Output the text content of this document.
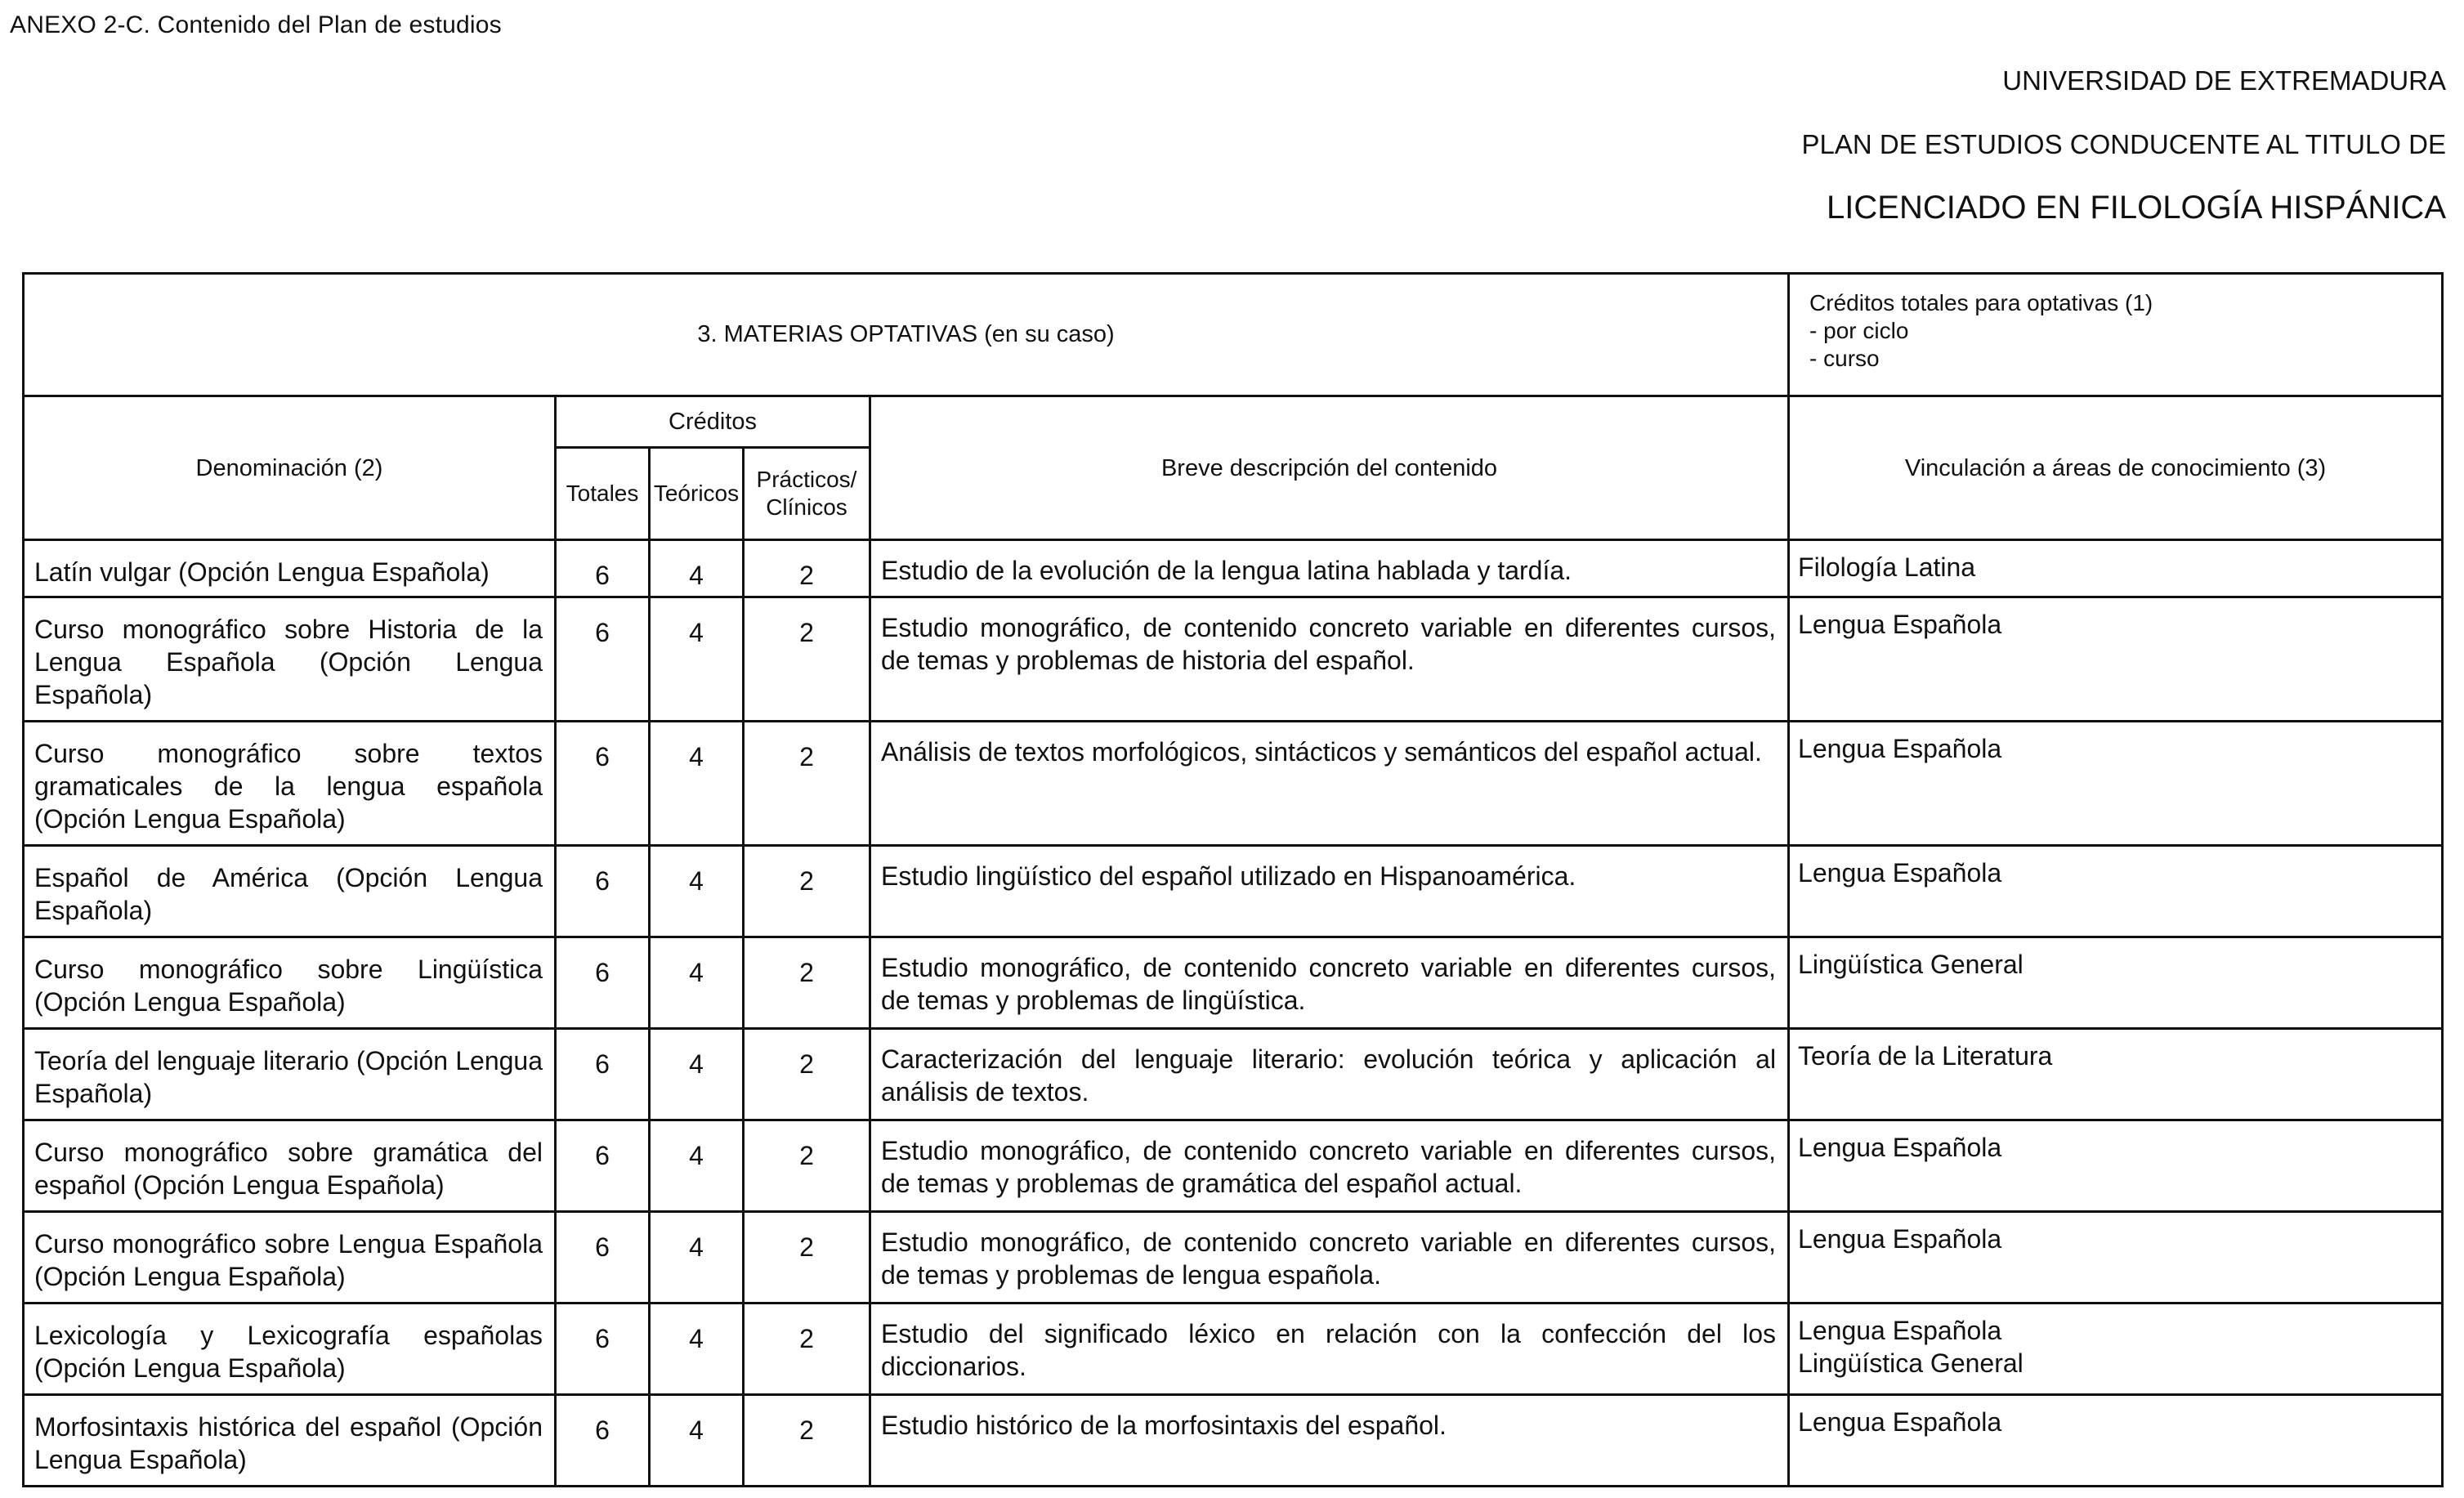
ANEXO 2-C. Contenido del Plan de estudios
UNIVERSIDAD DE EXTREMADURA
PLAN DE ESTUDIOS CONDUCENTE AL TITULO DE
LICENCIADO EN FILOLOGÍA HISPÁNICA
3. MATERIAS OPTATIVAS (en su caso)					Créditos totales para optativas (1)
- por ciclo
- curso

Denominación (2)	Créditos			Breve descripción del contenido	Vinculación a áreas de conocimiento (3)
	Totales	Teóricos	Prácticos/ Clínicos		
Latín vulgar (Opción Lengua Española)	6	4	2	Estudio de la evolución de la lengua latina hablada y tardía.	Filología Latina

Curso monográfico sobre Historia de la Lengua Española (Opción Lengua Española)	6	4	2	Estudio monográfico, de contenido concreto variable en diferentes cursos, de temas y problemas de historia del español.	Lengua Española

Curso monográfico sobre textos gramaticales de la lengua española (Opción Lengua Española)	6	4	2	Análisis de textos morfológicos, sintácticos y semánticos del español actual.	Lengua Española

Español de América (Opción Lengua Española)	6	4	2	Estudio lingüístico del español utilizado en Hispanoamérica.	Lengua Española

Curso monográfico sobre Lingüística (Opción Lengua Española)	6	4	2	Estudio monográfico, de contenido concreto variable en diferentes cursos, de temas y problemas de lingüística.	Lingüística General

Teoría del lenguaje literario (Opción Lengua Española)	6	4	2	Caracterización del lenguaje literario: evolución teórica y aplicación al análisis de textos.	Teoría de la Literatura

Curso monográfico sobre gramática del español (Opción Lengua Española)	6	4	2	Estudio monográfico, de contenido concreto variable en diferentes cursos, de temas y problemas de gramática del español actual.	Lengua Española

Curso monográfico sobre Lengua Española (Opción Lengua Española)	6	4	2	Estudio monográfico, de contenido concreto variable en diferentes cursos, de temas y problemas de lengua española.	Lengua Española

Lexicología y Lexicografía españolas (Opción Lengua Española)	6	4	2	Estudio del significado léxico en relación con la confección del los diccionarios.	Lengua Española
Lingüística General

Morfosintaxis histórica del español (Opción Lengua Española)	6	4	2	Estudio histórico de la morfosintaxis del español.	Lengua Española
